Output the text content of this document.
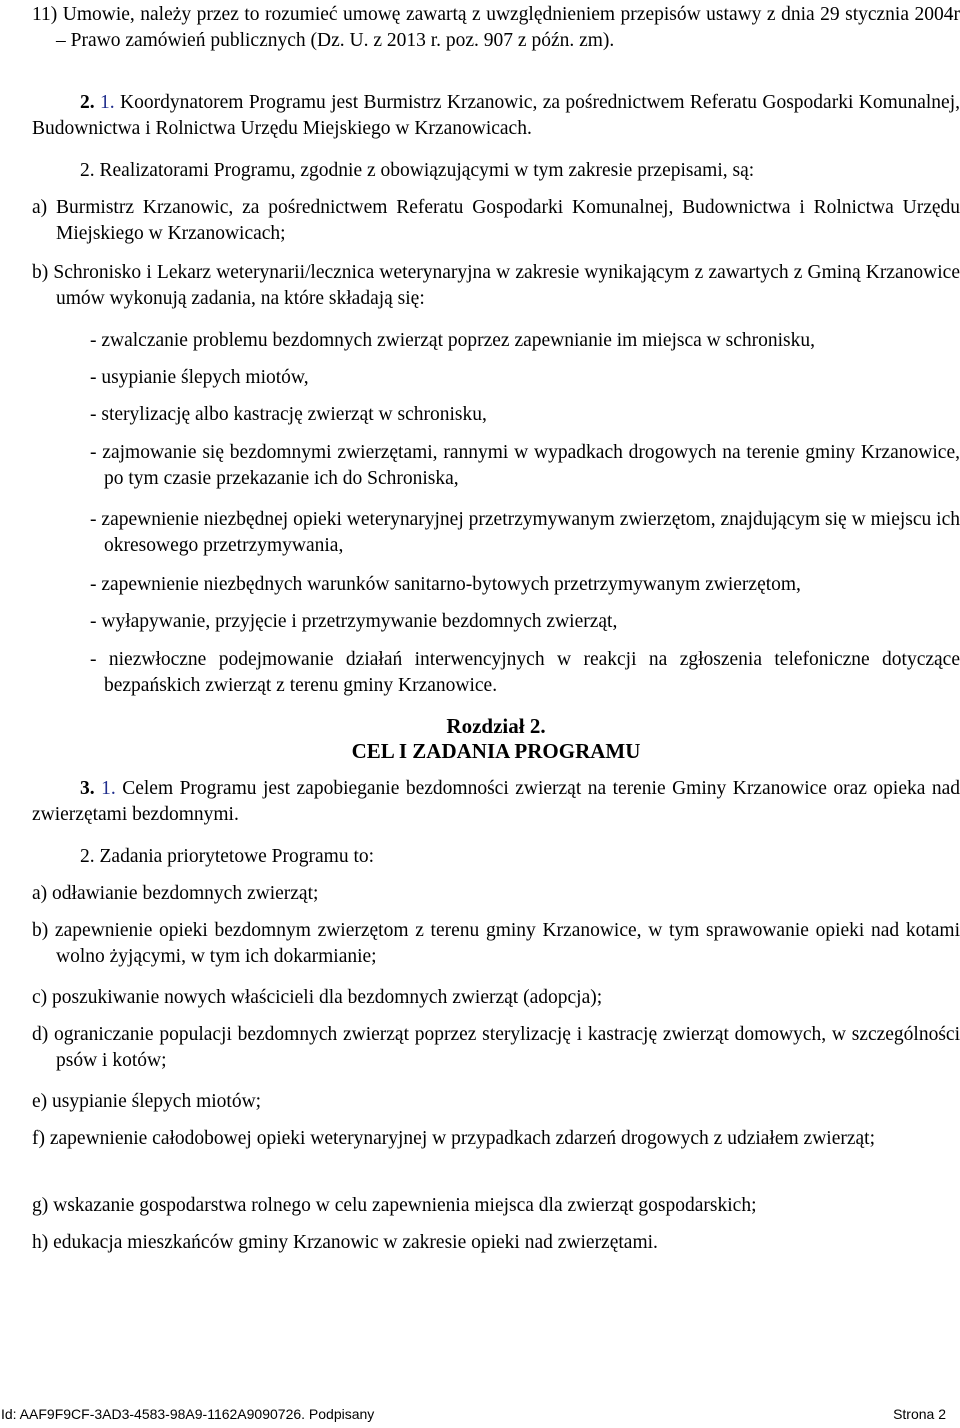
11) Umowie, należy przez to rozumieć umowę zawartą z uwzględnieniem przepisów ustawy z dnia 29 stycznia 2004r – Prawo zamówień publicznych (Dz. U. z 2013 r. poz. 907 z późn. zm).

2. 1. Koordynatorem Programu jest Burmistrz Krzanowic, za pośrednictwem Referatu Gospodarki Komunalnej, Budownictwa i Rolnictwa Urzędu Miejskiego w Krzanowicach.

2. Realizatorami Programu, zgodnie z obowiązującymi w tym zakresie przepisami, są:

a) Burmistrz Krzanowic, za pośrednictwem Referatu Gospodarki Komunalnej, Budownictwa i Rolnictwa Urzędu Miejskiego w Krzanowicach;

b) Schronisko i Lekarz weterynarii/lecznica weterynaryjna w zakresie wynikającym z zawartych z Gminą Krzanowice umów wykonują zadania, na które składają się:

- zwalczanie problemu bezdomnych zwierząt poprzez zapewnianie im miejsca w schronisku,

- usypianie ślepych miotów,

- sterylizację albo kastrację zwierząt w schronisku,

- zajmowanie się bezdomnymi zwierzętami, rannymi w wypadkach drogowych na terenie gminy Krzanowice, po tym czasie przekazanie ich do Schroniska,

- zapewnienie niezbędnej opieki weterynaryjnej przetrzymywanym zwierzętom, znajdującym się w miejscu ich okresowego przetrzymywania,

- zapewnienie niezbędnych warunków sanitarno-bytowych przetrzymywanym zwierzętom,

- wyłapywanie, przyjęcie i przetrzymywanie bezdomnych zwierząt,

- niezwłoczne podejmowanie działań interwencyjnych w reakcji na zgłoszenia telefoniczne dotyczące bezpańskich zwierząt z terenu gminy Krzanowice.

Rozdział 2.

CEL I ZADANIA PROGRAMU

3. 1. Celem Programu jest zapobieganie bezdomności zwierząt na terenie Gminy Krzanowice oraz opieka nad zwierzętami bezdomnymi.

2. Zadania priorytetowe Programu to:

a) odławianie bezdomnych zwierząt;

b) zapewnienie opieki bezdomnym zwierzętom z terenu gminy Krzanowice, w tym sprawowanie opieki nad kotami wolno żyjącymi, w tym ich dokarmianie;

c) poszukiwanie nowych właścicieli dla bezdomnych zwierząt (adopcja);

d) ograniczanie populacji bezdomnych zwierząt poprzez sterylizację i kastrację zwierząt domowych, w szczególności psów i kotów;

e) usypianie ślepych miotów;

f) zapewnienie całodobowej opieki weterynaryjnej w przypadkach zdarzeń drogowych z udziałem zwierząt;

g) wskazanie gospodarstwa rolnego w celu zapewnienia miejsca dla zwierząt gospodarskich;

h) edukacja mieszkańców gminy Krzanowic w zakresie opieki nad zwierzętami.

Id: AAF9F9CF-3AD3-4583-98A9-1162A9090726. Podpisany	Strona 2
